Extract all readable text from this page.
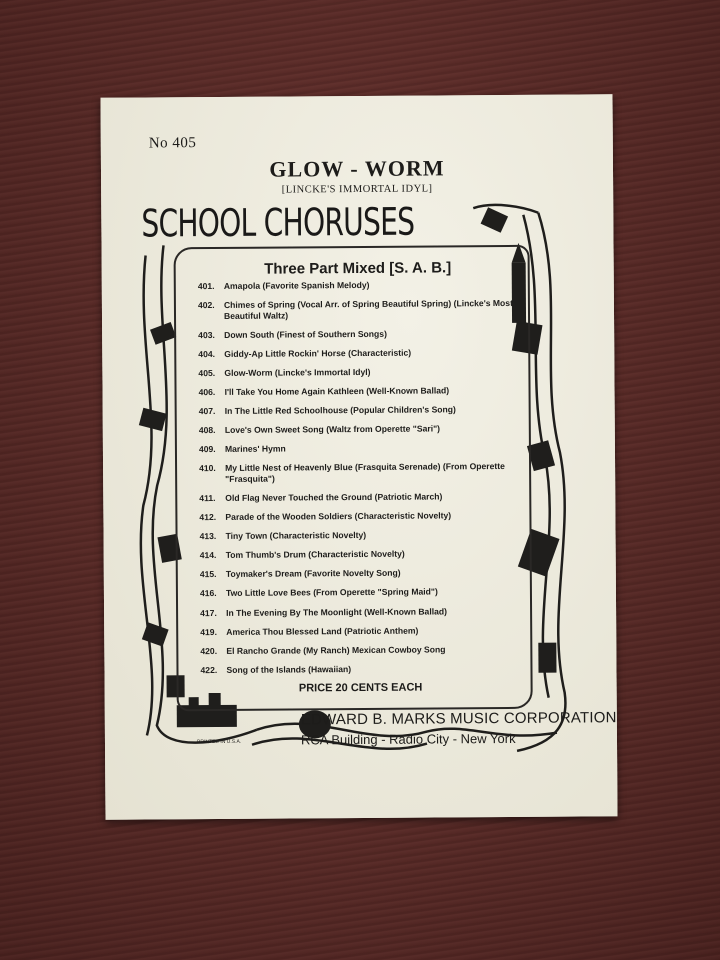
No 405
GLOW - WORM
[LINCKE'S IMMORTAL IDYL]
PRINTED IN U.S.A.
SCHOOL CHORUSES
Three Part Mixed [S. A. B.]
401.	Amapola (Favorite Spanish Melody)
402.	Chimes of Spring (Vocal Arr. of Spring Beautiful Spring) (Lincke's Most Beautiful Waltz)
403.	Down South (Finest of Southern Songs)
404.	Giddy-Ap Little Rockin' Horse (Characteristic)
405.	Glow-Worm (Lincke's Immortal Idyl)
406.	I'll Take You Home Again Kathleen (Well-Known Ballad)
407.	In The Little Red Schoolhouse (Popular Children's Song)
408.	Love's Own Sweet Song (Waltz from Operette "Sari")
409.	Marines' Hymn
410.	My Little Nest of Heavenly Blue (Frasquita Serenade) (From Operette "Frasquita")
411.	Old Flag Never Touched the Ground (Patriotic March)
412.	Parade of the Wooden Soldiers (Characteristic Novelty)
413.	Tiny Town (Characteristic Novelty)
414.	Tom Thumb's Drum (Characteristic Novelty)
415.	Toymaker's Dream (Favorite Novelty Song)
416.	Two Little Love Bees (From Operette "Spring Maid")
417.	In The Evening By The Moonlight (Well-Known Ballad)
419.	America Thou Blessed Land (Patriotic Anthem)
420.	El Rancho Grande (My Ranch) Mexican Cowboy Song
422.	Song of the Islands (Hawaiian)
PRICE 20 CENTS EACH
EDWARD B. MARKS MUSIC CORPORATION
RCA Building - Radio City - New York
